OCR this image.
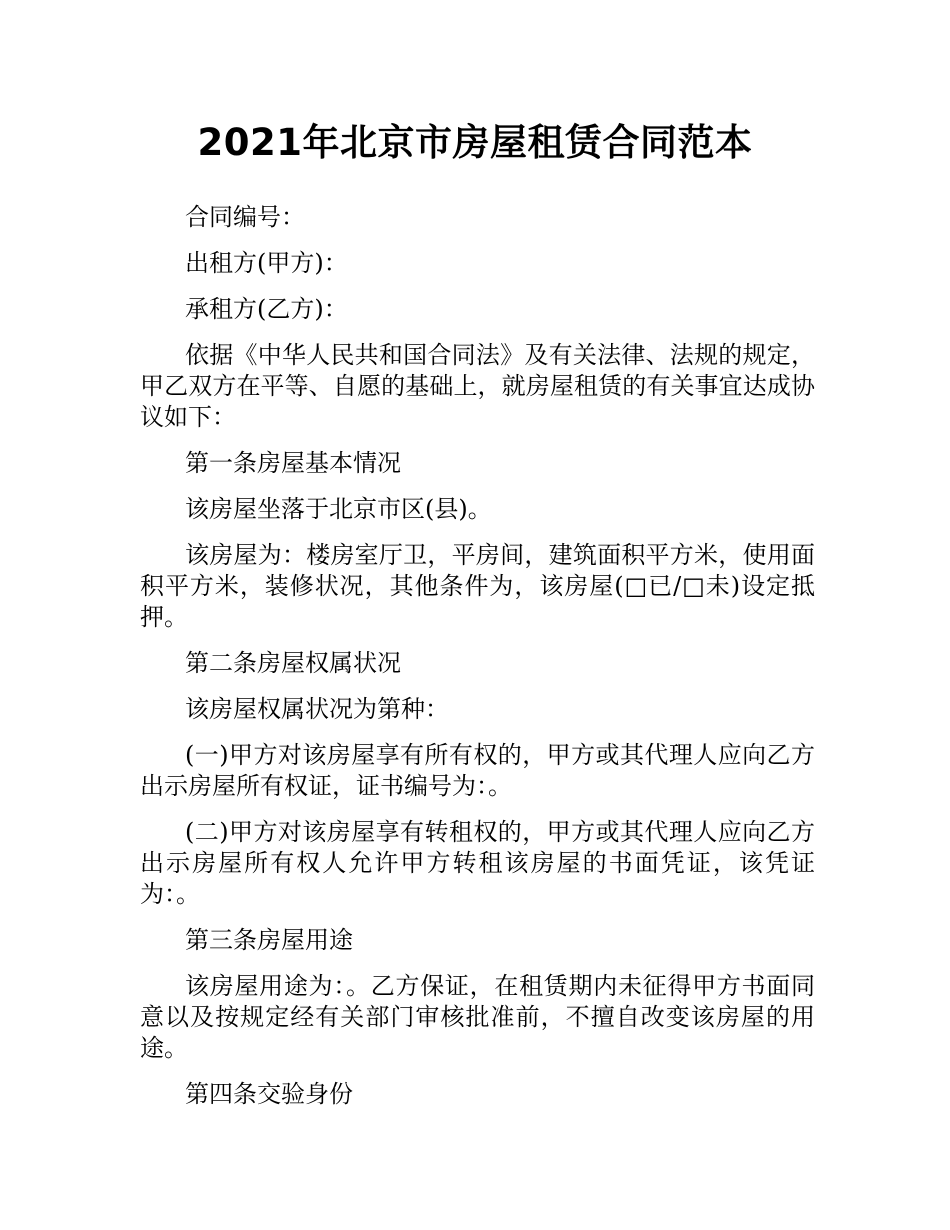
2021年北京市房屋租赁合同范本

合同编号：

出租方(甲方)：

承租方(乙方)：

依据《中华人民共和国合同法》及有关法律、法规的规定，甲乙双方在平等、自愿的基础上，就房屋租赁的有关事宜达成协议如下：

第一条房屋基本情况

该房屋坐落于北京市区(县)。

该房屋为：楼房室厅卫，平房间，建筑面积平方米，使用面积平方米，装修状况，其他条件为，该房屋(□已/□未)设定抵押。

第二条房屋权属状况

该房屋权属状况为第种：

(一)甲方对该房屋享有所有权的，甲方或其代理人应向乙方出示房屋所有权证，证书编号为：。

(二)甲方对该房屋享有转租权的，甲方或其代理人应向乙方出示房屋所有权人允许甲方转租该房屋的书面凭证，该凭证为：。

第三条房屋用途

该房屋用途为：。乙方保证，在租赁期内未征得甲方书面同意以及按规定经有关部门审核批准前，不擅自改变该房屋的用途。

第四条交验身份
